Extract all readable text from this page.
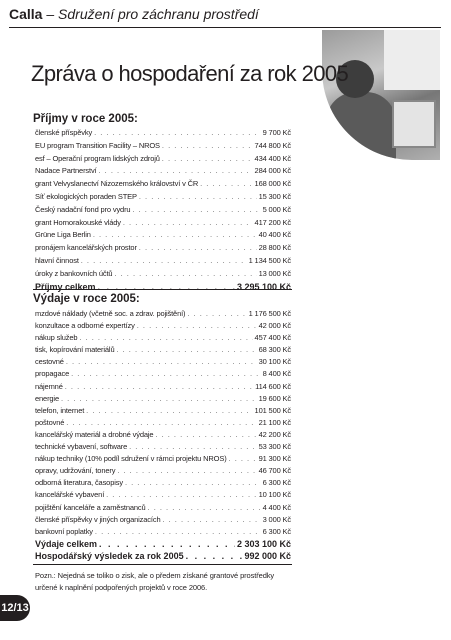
Calla – Sdružení pro záchranu prostředí
Zpráva o hospodaření za rok 2005
Příjmy v roce 2005:
členské příspěvky . . .	9 700 Kč
EU program Transition Facility – NROS . . .	744 800 Kč
esf – Operační program lidských zdrojů . . .	434 400 Kč
Nadace Partnerství . . .	284 000 Kč
grant Velvyslanectví Nizozemského království v ČR . . .	168 000 Kč
Síť ekologických poraden STEP . . .	15 300 Kč
Český nadační fond pro vydru . . .	5 000 Kč
grant Hornorakouské vlády . . .	417 200 Kč
Grüne Liga Berlin . . .	40 400 Kč
pronájem kancelářských prostor . . .	28 800 Kč
hlavní činnost . . .	1 134 500 Kč
úroky z bankovních účtů . . .	13 000 Kč
Příjmy celkem . . .	3 295 100 Kč
Výdaje v roce 2005:
mzdové náklady (včetně soc. a zdrav. pojištění) . . .	1 176 500 Kč
konzultace a odborné expertízy . . .	42 000 Kč
nákup služeb . . .	457 400 Kč
tisk, kopírování materiálů . . .	68 300 Kč
cestovné . . .	30 100 Kč
propagace . . .	8 400 Kč
nájemné . . .	114 600 Kč
energie . . .	19 600 Kč
telefon, internet . . .	101 500 Kč
poštovné . . .	21 100 Kč
kancelářský materiál a drobné výdaje . . .	42 200 Kč
technické vybavení, software . . .	53 300 Kč
nákup techniky (10% podíl sdružení v rámci projektu NROS) . . .	91 300 Kč
opravy, udržování, tonery . . .	46 700 Kč
odborná literatura, časopisy . . .	6 300 Kč
kancelářské vybavení . . .	10 100 Kč
pojištění kanceláře a zaměstnanců . . .	4 400 Kč
členské příspěvky v jiných organizacích . . .	3 000 Kč
bankovní poplatky . . .	6 300 Kč
Výdaje celkem . . .	2 303 100 Kč
Hospodářský výsledek za rok 2005 . . .	992 000 Kč
Pozn.: Nejedná se toliko o zisk, ale o předem získané grantové prostředky určené k naplnění podpořených projektů v roce 2006.
12/13
